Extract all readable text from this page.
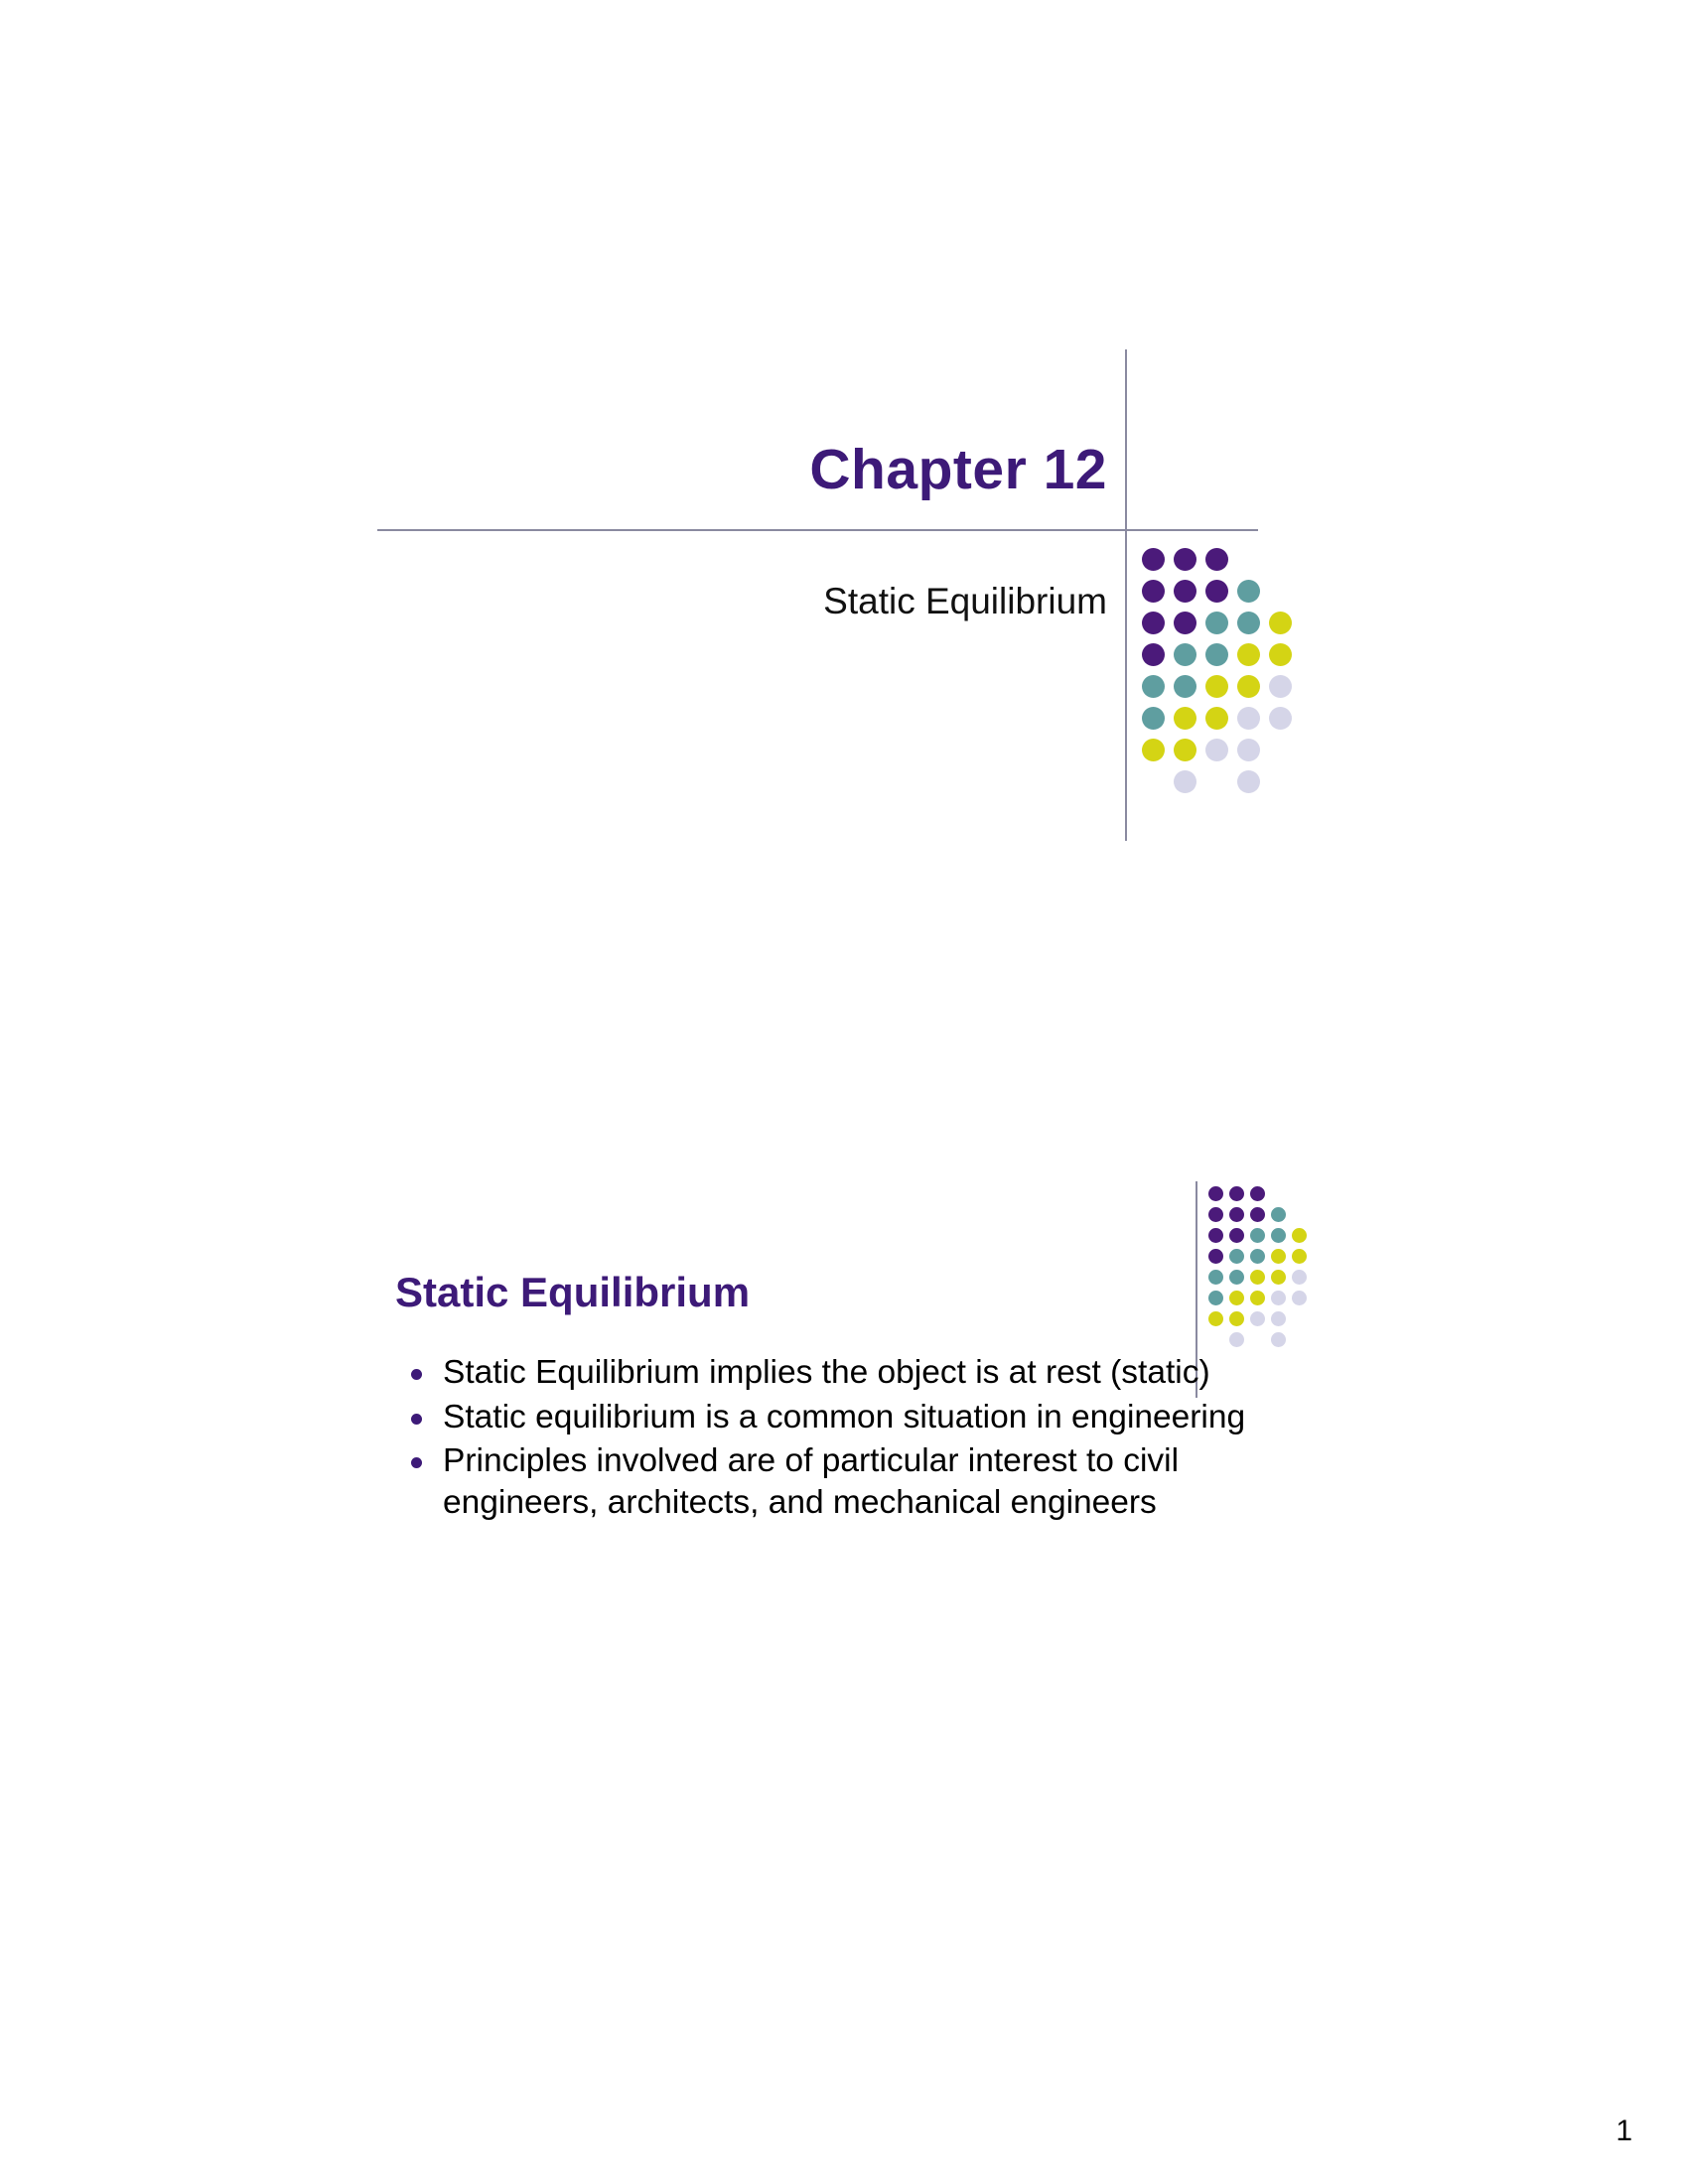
Chapter 12
Static Equilibrium
Static Equilibrium
Static Equilibrium implies the object is at rest (static)
Static equilibrium is a common situation in engineering
Principles involved are of particular interest to civil engineers, architects, and mechanical engineers
1
